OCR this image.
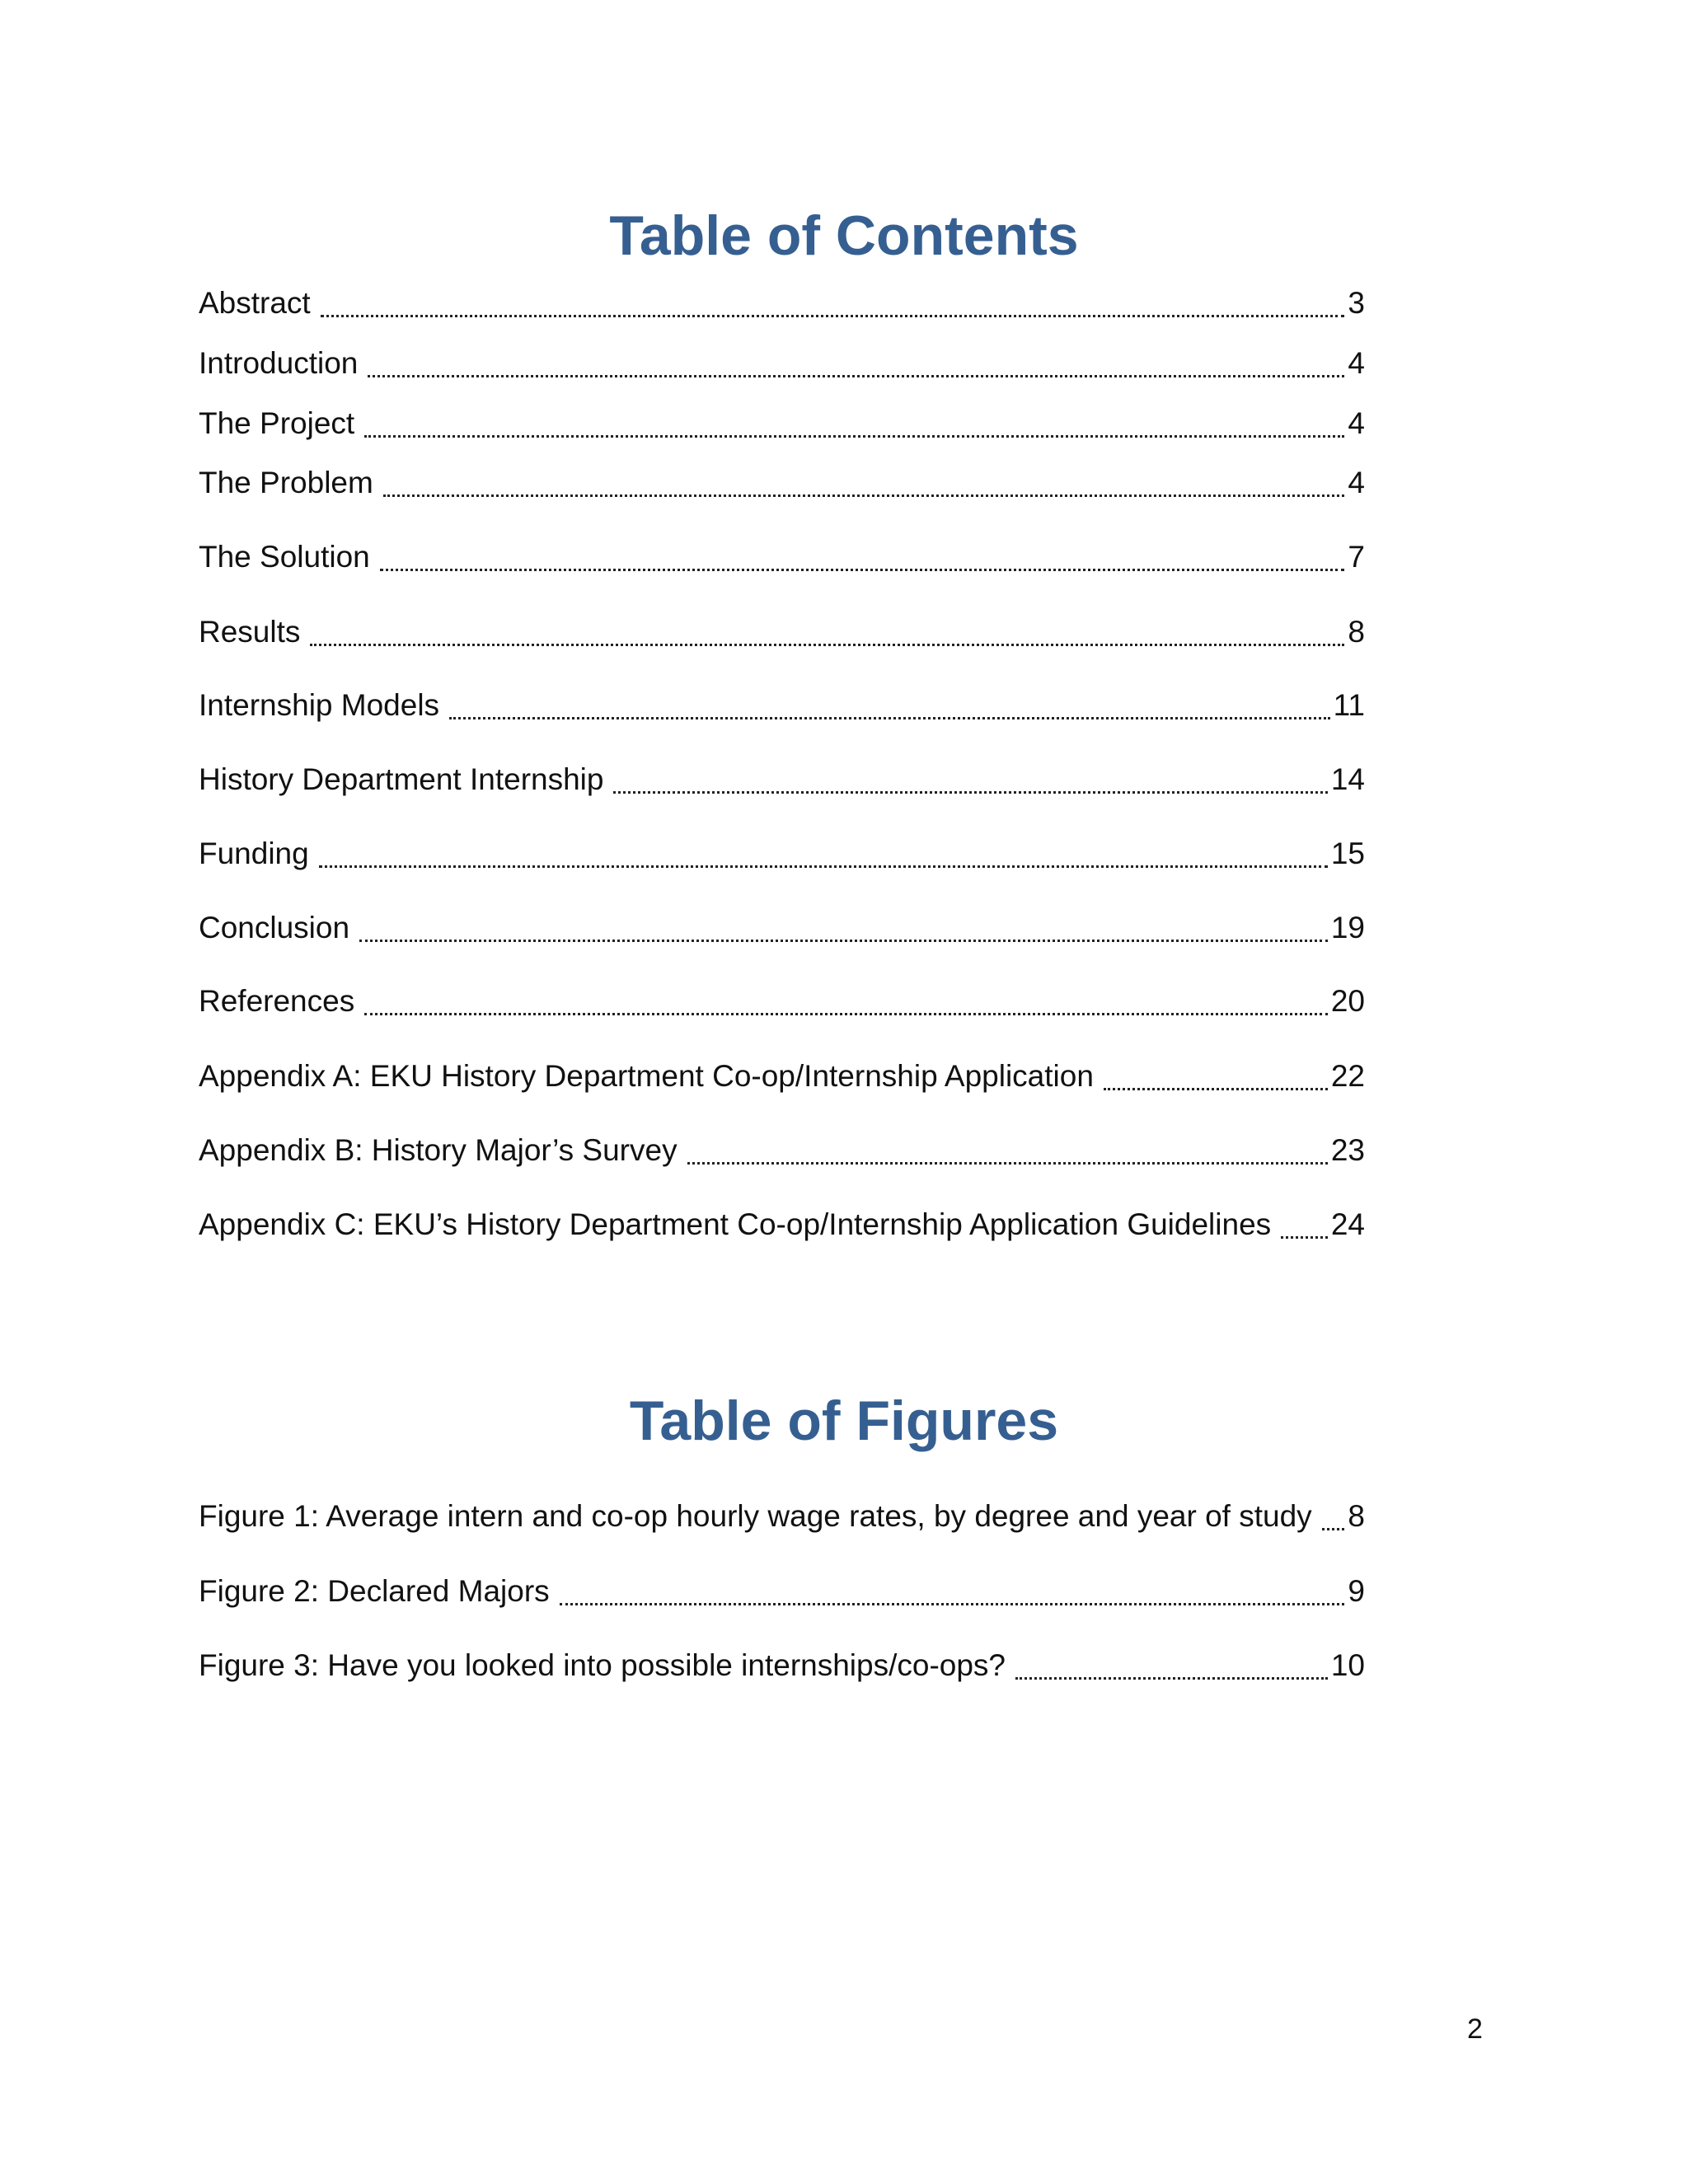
Table of Contents
Abstract	3
Introduction	4
The Project	4
The Problem	4
The Solution	7
Results	8
Internship Models	11
History Department Internship	14
Funding	15
Conclusion	19
References	20
Appendix A: EKU History Department Co-op/Internship Application	22
Appendix B: History Major’s Survey	23
Appendix C: EKU’s History Department Co-op/Internship Application Guidelines	24
Table of Figures
Figure 1: Average intern and co-op hourly wage rates, by degree and year of study	8
Figure 2: Declared Majors	9
Figure 3: Have you looked into possible internships/co-ops?	10
2
